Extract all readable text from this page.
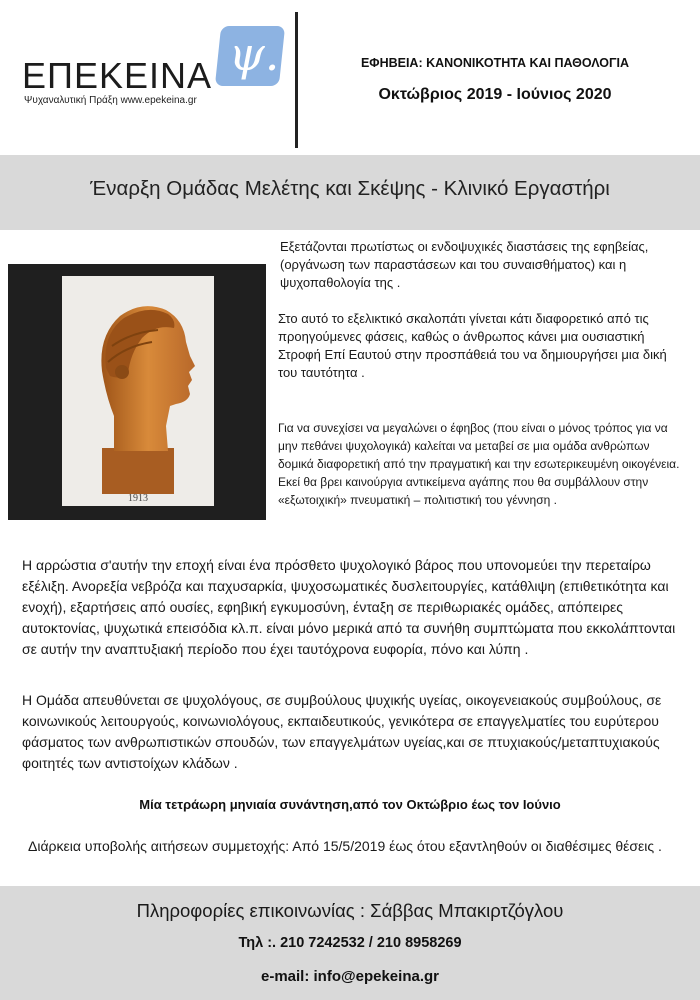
ψ.
ΕΠΕΚΕΙΝΑ
Ψυχαναλυτική Πράξη www.epekeina.gr
ΕΦΗΒΕΙΑ: ΚΑΝΟΝΙΚΟΤΗΤΑ ΚΑΙ ΠΑΘΟΛΟΓΙΑ
Οκτώβριος 2019 - Ιούνιος 2020
Έναρξη Ομάδας Μελέτης και Σκέψης - Κλινικό Εργαστήρι
1913

Εξετάζονται πρωτίστως οι ενδοψυχικές διαστάσεις της εφηβείας, (οργάνωση των παραστάσεων και του συναισθήματος) και η ψυχοπαθολογία της .

Στο αυτό το εξελικτικό σκαλοπάτι γίνεται κάτι διαφορετικό από τις προηγούμενες φάσεις, καθώς ο άνθρωπος κάνει μια ουσιαστική Στροφή Επί Εαυτού στην προσπάθειά του να δημιουργήσει μια δική του ταυτότητα .

Για να συνεχίσει να μεγαλώνει ο έφηβος (που είναι ο μόνος τρόπος για να μην πεθάνει ψυχολογικά) καλείται να μεταβεί σε μια ομάδα ανθρώπων δομικά διαφορετική από την πραγματική και την εσωτερικευμένη οικογένεια. Εκεί θα βρει καινούργια αντικείμενα αγάπης που θα συμβάλλουν στην «εξωτοιχική» πνευματική – πολιτιστική του γέννηση .

Η αρρώστια σ'αυτήν την εποχή είναι ένα πρόσθετο ψυχολογικό βάρος που υπονομεύει την περεταίρω εξέλιξη. Ανορεξία νεβρόζα και παχυσαρκία, ψυχοσωματικές δυσλειτουργίες, κατάθλιψη (επιθετικότητα και ενοχή), εξαρτήσεις από ουσίες, εφηβική εγκυμοσύνη, ένταξη σε περιθωριακές ομάδες, απόπειρες αυτοκτονίας, ψυχωτικά επεισόδια κλ.π. είναι μόνο μερικά από τα συνήθη συμπτώματα που εκκολάπτονται σε αυτήν την αναπτυξιακή περίοδο που έχει ταυτόχρονα ευφορία, πόνο και λύπη .

Η Ομάδα απευθύνεται σε ψυχολόγους, σε συμβούλους ψυχικής υγείας, οικογενειακούς συμβούλους, σε κοινωνικούς λειτουργούς, κοινωνιολόγους, εκπαιδευτικούς, γενικότερα σε επαγγελματίες του ευρύτερου φάσματος των ανθρωπιστικών σπουδών, των επαγγελμάτων υγείας,και σε πτυχιακούς/μεταπτυχιακούς φοιτητές των αντιστοίχων κλάδων .

Μία τετράωρη μηνιαία συνάντηση,από τον Οκτώβριο έως τον Ιούνιο

Διάρκεια υποβολής αιτήσεων συμμετοχής: Από 15/5/2019 έως ότου εξαντληθούν οι διαθέσιμες θέσεις .

Πληροφορίες επικοινωνίας : Σάββας Μπακιρτζόγλου
Τηλ :. 210 7242532 / 210 8958269
e-mail: info@epekeina.gr
